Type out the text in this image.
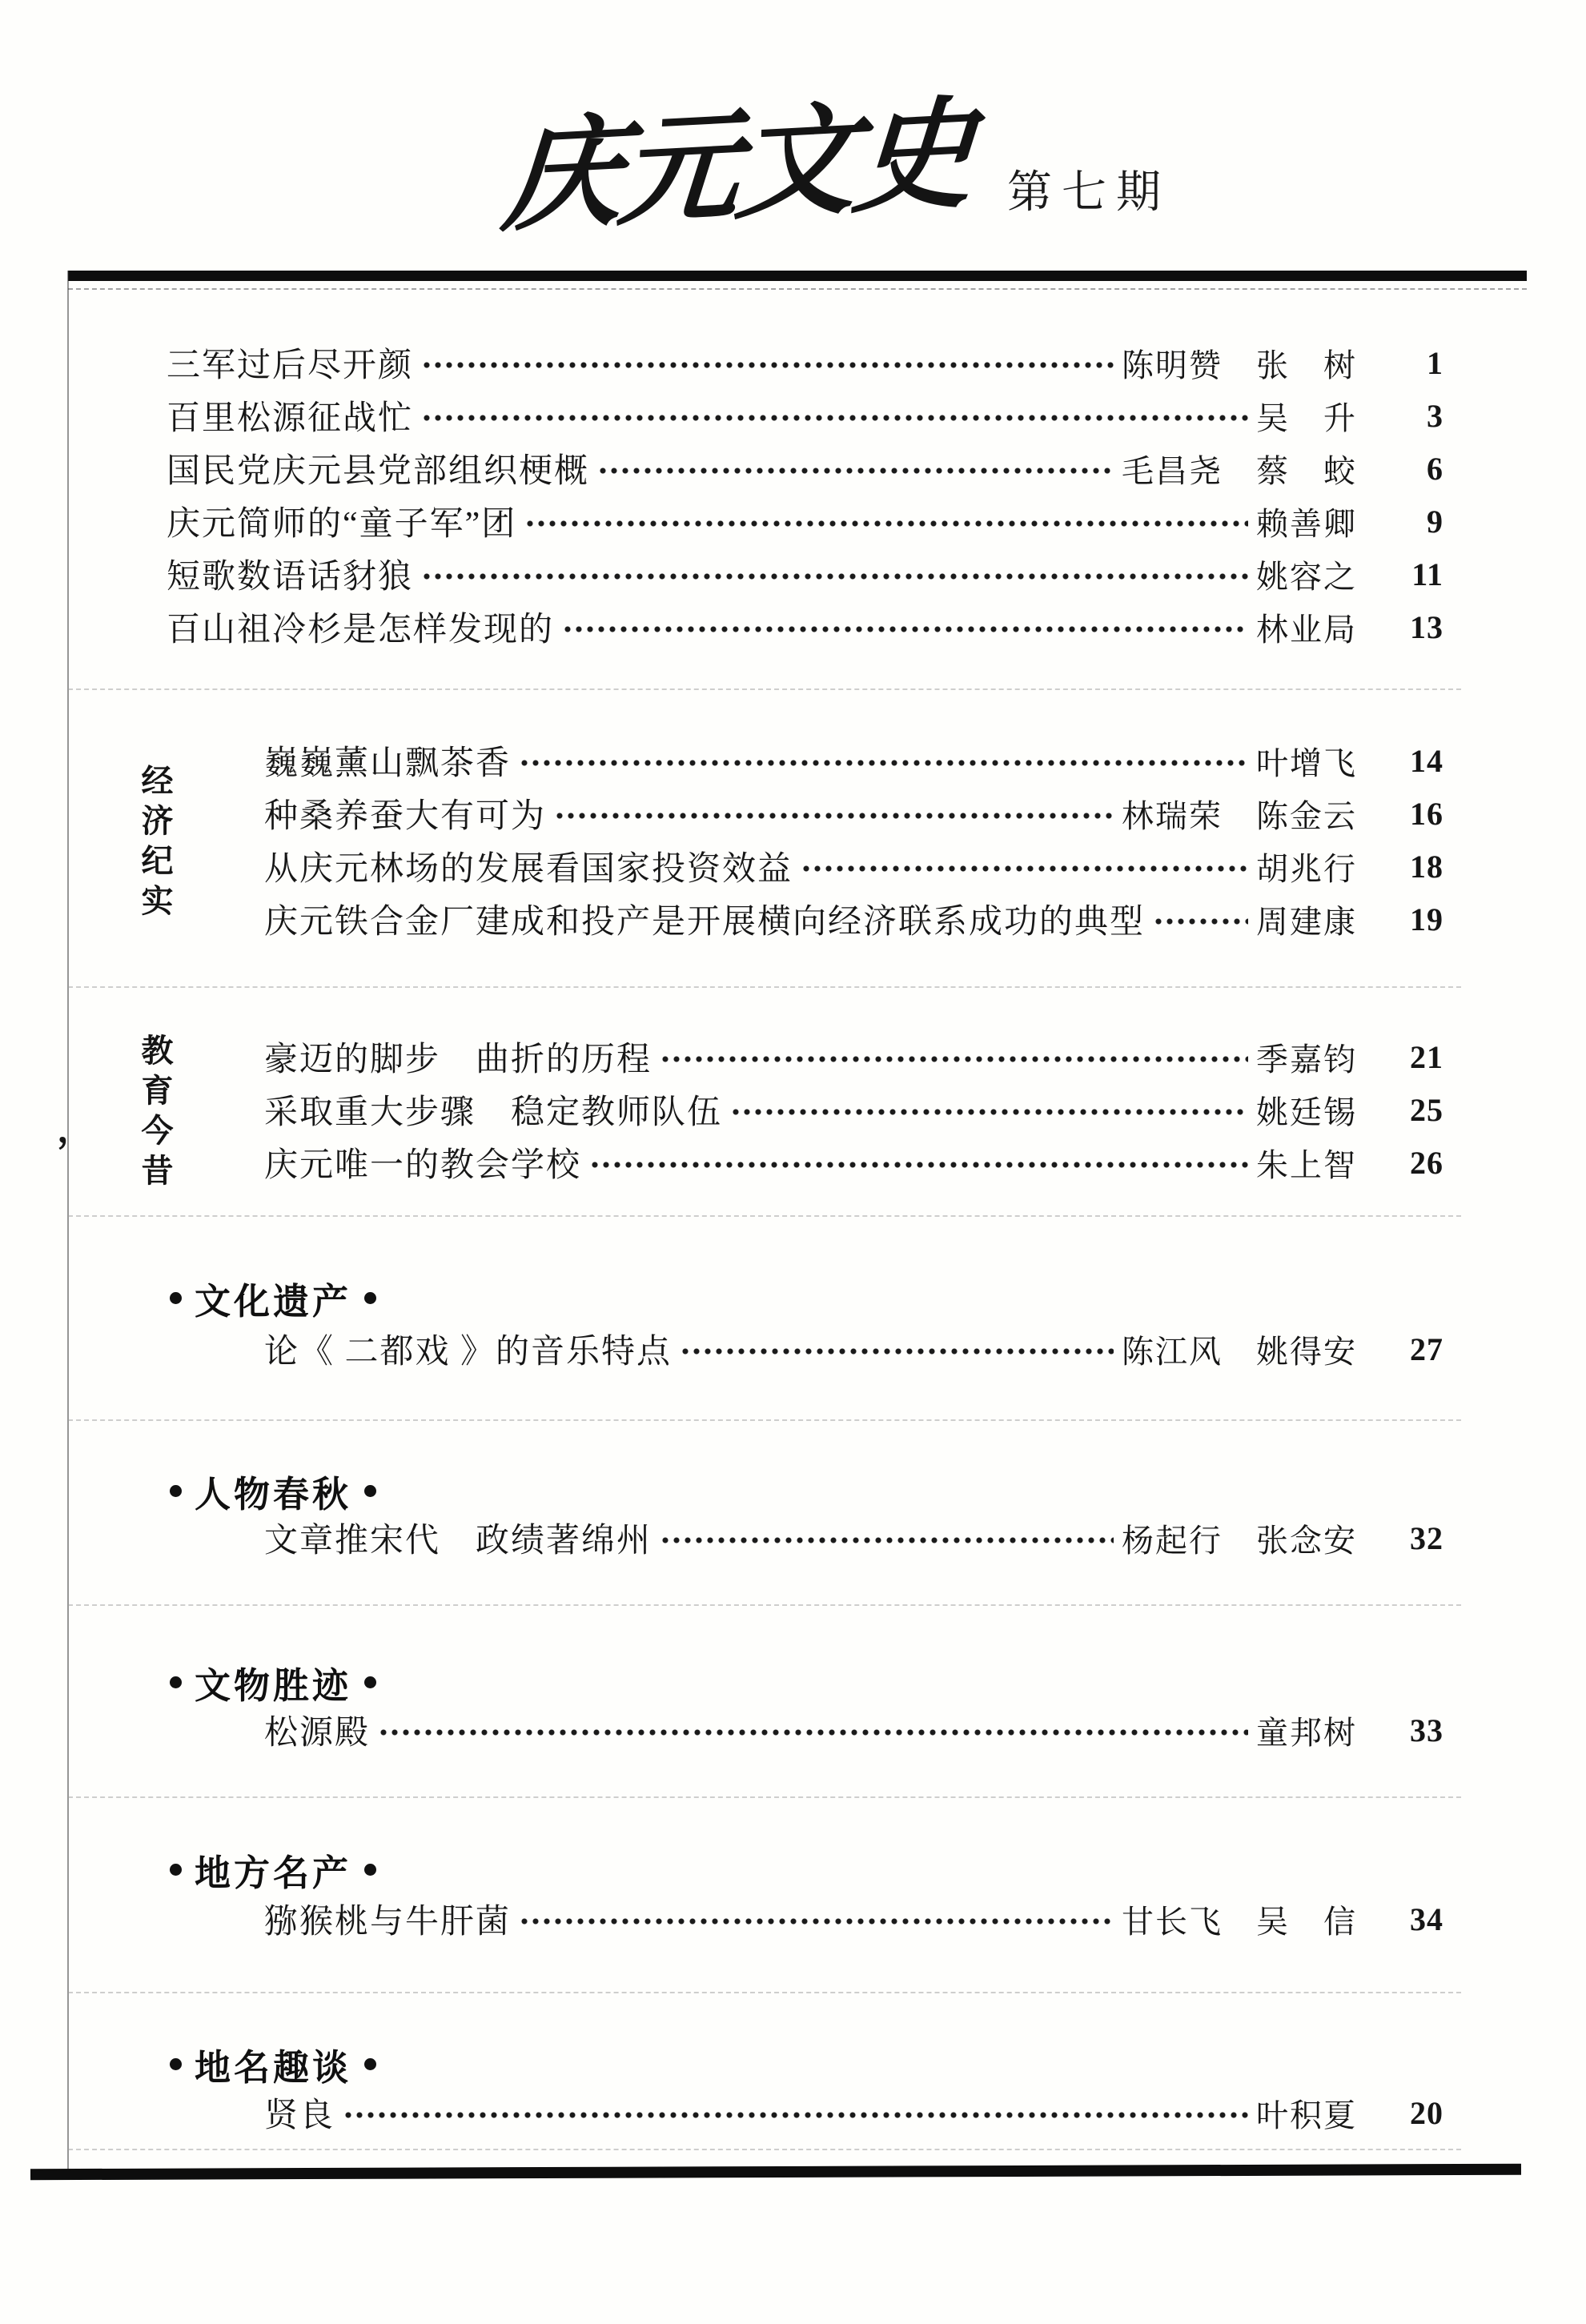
庆元文史 第七期
三军过后尽开颜	陈明赞　张　树	1
百里松源征战忙	吴　升	3
国民党庆元县党部组织梗概	毛昌尧　蔡　蛟	6
庆元简师的“童子军”团	赖善卿	9
短歌数语话豺狼	姚容之	11
百山祖冷杉是怎样发现的	林业局	13
经济纪实	巍巍薰山飘茶香	叶增飞	14
种桑养蚕大有可为	林瑞荣　陈金云	16
从庆元林场的发展看国家投资效益	胡兆行	18
庆元铁合金厂建成和投产是开展横向经济联系成功的典型	周建康	19
， 教育今昔	豪迈的脚步　曲折的历程	季嘉钧	21
采取重大步骤　稳定教师队伍	姚廷锡	25
庆元唯一的教会学校	朱上智	26
文化遗产
论《 二都戏 》的音乐特点	陈江风　姚得安	27
人物春秋
文章推宋代　政绩著绵州	杨起行　张念安	32
文物胜迹
松源殿	童邦树	33
地方名产
猕猴桃与牛肝菌	甘长飞　吴　信	34
地名趣谈
贤良	叶积夏	20
